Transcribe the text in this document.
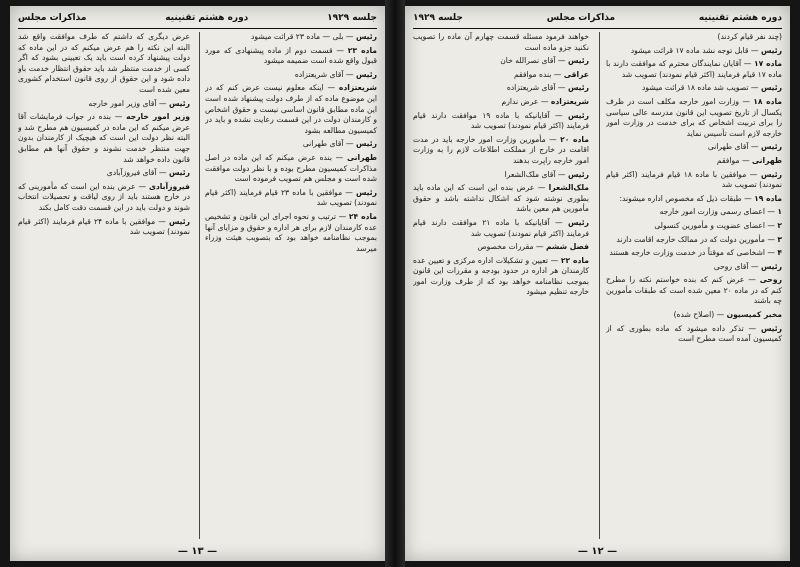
جلسه ۱۹۲۹
دوره هشتم تقنینیه
مذاکرات مجلس

رئیس — بلی — ماده ۲۳ قرائت میشود

ماده ۲۳ — قسمت دوم از ماده پیشنهادی که مورد قبول واقع شده است ضمیمه میشود

رئیس — آقای شریعتزاده

شریعتزاده — اینکه معلوم نیست عرض کنم که در این موضوع ماده که از طرف دولت پیشنهاد شده است این ماده مطابق قانون اساسی نیست و حقوق اشخاص و کارمندان دولت در این قسمت رعایت نشده و باید در کمیسیون مطالعه بشود

رئیس — آقای طهرانی

طهرانی — بنده عرض میکنم که این ماده در اصل مذاکرات کمیسیون مطرح بوده و با نظر دولت موافقت شده است و مجلس هم تصویب فرموده است

رئیس — موافقین با ماده ۲۳ قیام فرمایند (اکثر قیام نمودند) تصویب شد

ماده ۲۴ — ترتیب و نحوه اجرای این قانون و تشخیص عده کارمندان لازم برای هر اداره و حقوق و مزایای آنها بموجب نظامنامه خواهد بود که بتصویب هیئت وزراء میرسد

عرض دیگری که داشتم که طرف موافقت واقع شد البته این نکته را هم عرض میکنم که در این ماده که دولت پیشنهاد کرده است باید یک تعیینی بشود که اگر کسی از خدمت منتظر شد باید حقوق انتظار خدمت باو داده شود و این حقوق از روی قانون استخدام کشوری معین شده است

رئیس — آقای وزیر امور خارجه

وزیر امور خارجه — بنده در جواب فرمایشات آقا عرض میکنم که این ماده در کمیسیون هم مطرح شد و البته نظر دولت این است که هیچیک از کارمندان بدون جهت منتظر خدمت نشوند و حقوق آنها هم مطابق قانون داده خواهد شد

رئیس — آقای فیروزآبادی

فیروزآبادی — عرض بنده این است که مأمورینی که در خارج هستند باید از روی لیاقت و تحصیلات انتخاب شوند و دولت باید در این قسمت دقت کامل بکند

رئیس — موافقین با ماده ۲۴ قیام فرمایند (اکثر قیام نمودند) تصویب شد

— ۱۳ —
دوره هشتم تقنینیه
مذاکرات مجلس
جلسه ۱۹۲۹

(چند نفر قیام کردند)

رئیس — قابل توجه نشد ماده ۱۷ قرائت میشود

ماده ۱۷ — آقایان نمایندگان محترم که موافقت دارند با ماده ۱۷ قیام فرمایند (اکثر قیام نمودند) تصویب شد

رئیس — تصویب شد ماده ۱۸ قرائت میشود

ماده ۱۸ — وزارت امور خارجه مکلف است در ظرف یکسال از تاریخ تصویب این قانون مدرسه عالی سیاسی را برای تربیت اشخاص که برای خدمت در وزارت امور خارجه لازم است تأسیس نماید

رئیس — آقای طهرانی

طهرانی — موافقم

رئیس — موافقین با ماده ۱۸ قیام فرمایند (اکثر قیام نمودند) تصویب شد

ماده ۱۹ — طبقات ذیل که مخصوص اداره میشوند:

۱ — اعضای رسمی وزارت امور خارجه

۲ — اعضای عضویت و مأمورین کنسولی

۳ — مأمورین دولت که در ممالک خارجه اقامت دارند

۴ — اشخاصی که موقتاً در خدمت وزارت خارجه هستند

رئیس — آقای روحی

روحی — عرض کنم که بنده خواستم نکته را مطرح کنم که در ماده ۲۰ معین شده است که طبقات مأمورین چه باشند

مخبر کمیسیون — (اصلاح شده)

رئیس — تذکر داده میشود که ماده بطوری که از کمیسیون آمده است مطرح است

خواهند فرمود مسئله قسمت چهارم آن ماده را تصویب نکنید جزو ماده است

رئیس — آقای نصرالله خان

عراقی — بنده موافقم

رئیس — آقای شریعتزاده

شریعتزاده — عرض ندارم

رئیس — آقایانیکه با ماده ۱۹ موافقت دارند قیام فرمایند (اکثر قیام نمودند) تصویب شد

ماده ۲۰ — مأمورین وزارت امور خارجه باید در مدت اقامت در خارج از مملکت اطلاعات لازم را به وزارت امور خارجه راپرت بدهند

رئیس — آقای ملک‌الشعرا

ملک‌الشعرا — عرض بنده این است که این ماده باید بطوری نوشته شود که اشکال نداشته باشد و حقوق مأمورین هم معین باشد

رئیس — آقایانیکه با ماده ۲۱ موافقت دارند قیام فرمایند (اکثر قیام نمودند) تصویب شد

فصل ششم — مقررات مخصوص

ماده ۲۲ — تعیین و تشکیلات اداره مرکزی و تعیین عده کارمندان هر اداره در حدود بودجه و مقررات این قانون بموجب نظامنامه خواهد بود که از طرف وزارت امور خارجه تنظیم میشود

— ۱۲ —
